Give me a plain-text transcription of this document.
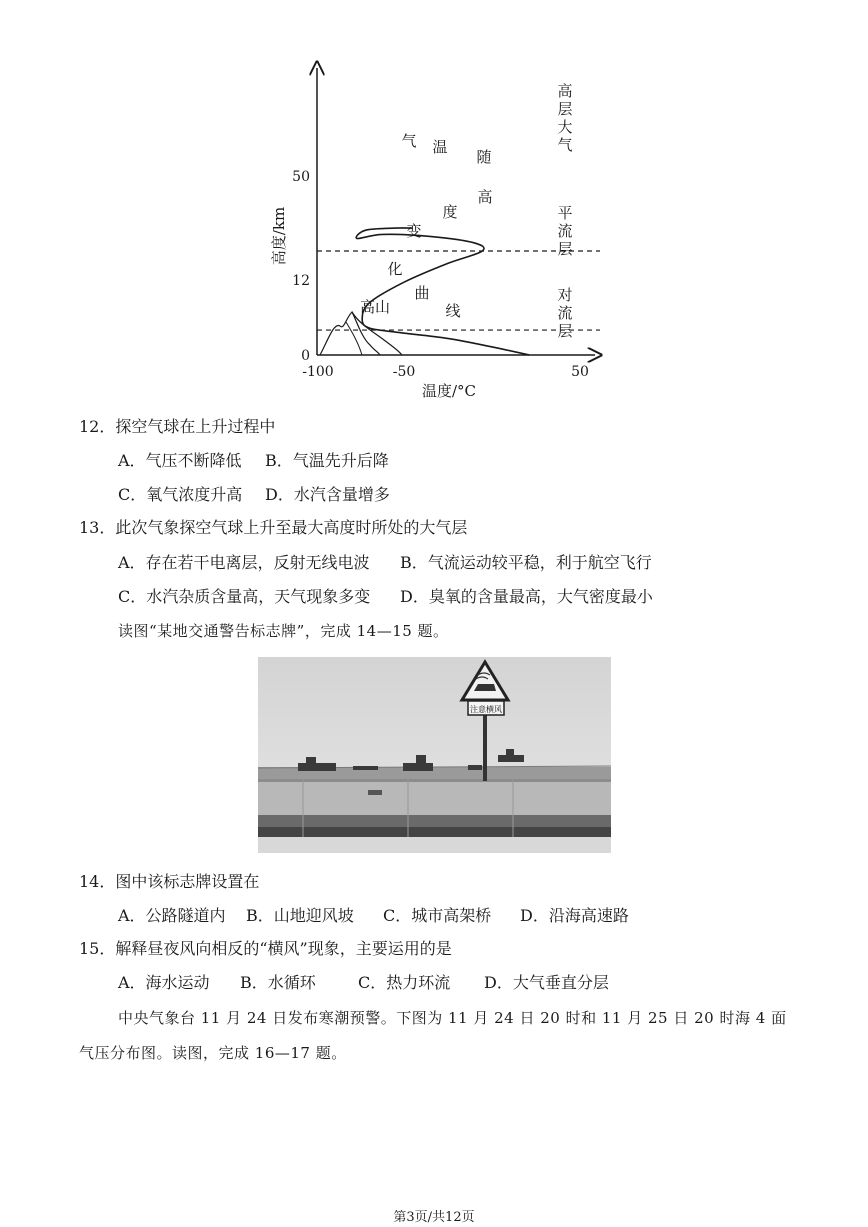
高山
高度/km
温度/°C
0
12
50
-100	-50	50
对
流
层
平
流
层
高
层
大
气
气 温
随
高
度
变
化
曲
线
12．探空气球在上升过程中
A．气压不断降低 B．气温先升后降
C．氧气浓度升高 D．水汽含量增多
13．此次气象探空气球上升至最大高度时所处的大气层
A．存在若干电离层，反射无线电波 B．气流运动较平稳，利于航空飞行
C．水汽杂质含量高，天气现象多变 D．臭氧的含量最高，大气密度最小
读图“某地交通警告标志牌”，完成 14—15 题。
注意横风
14．图中该标志牌设置在
A．公路隧道内 B．山地迎风坡 C．城市高架桥 D．沿海高速路
15．解释昼夜风向相反的“横风”现象，主要运用的是
A．海水运动 B．水循环	C．热力环流 D．大气垂直分层
中央气象台 11 月 24 日发布寒潮预警。下图为 11 月 24 日 20 时和 11 月 25 日 20 时海 4 面
气压分布图。读图，完成 16—17 题。
第3页/共12页
